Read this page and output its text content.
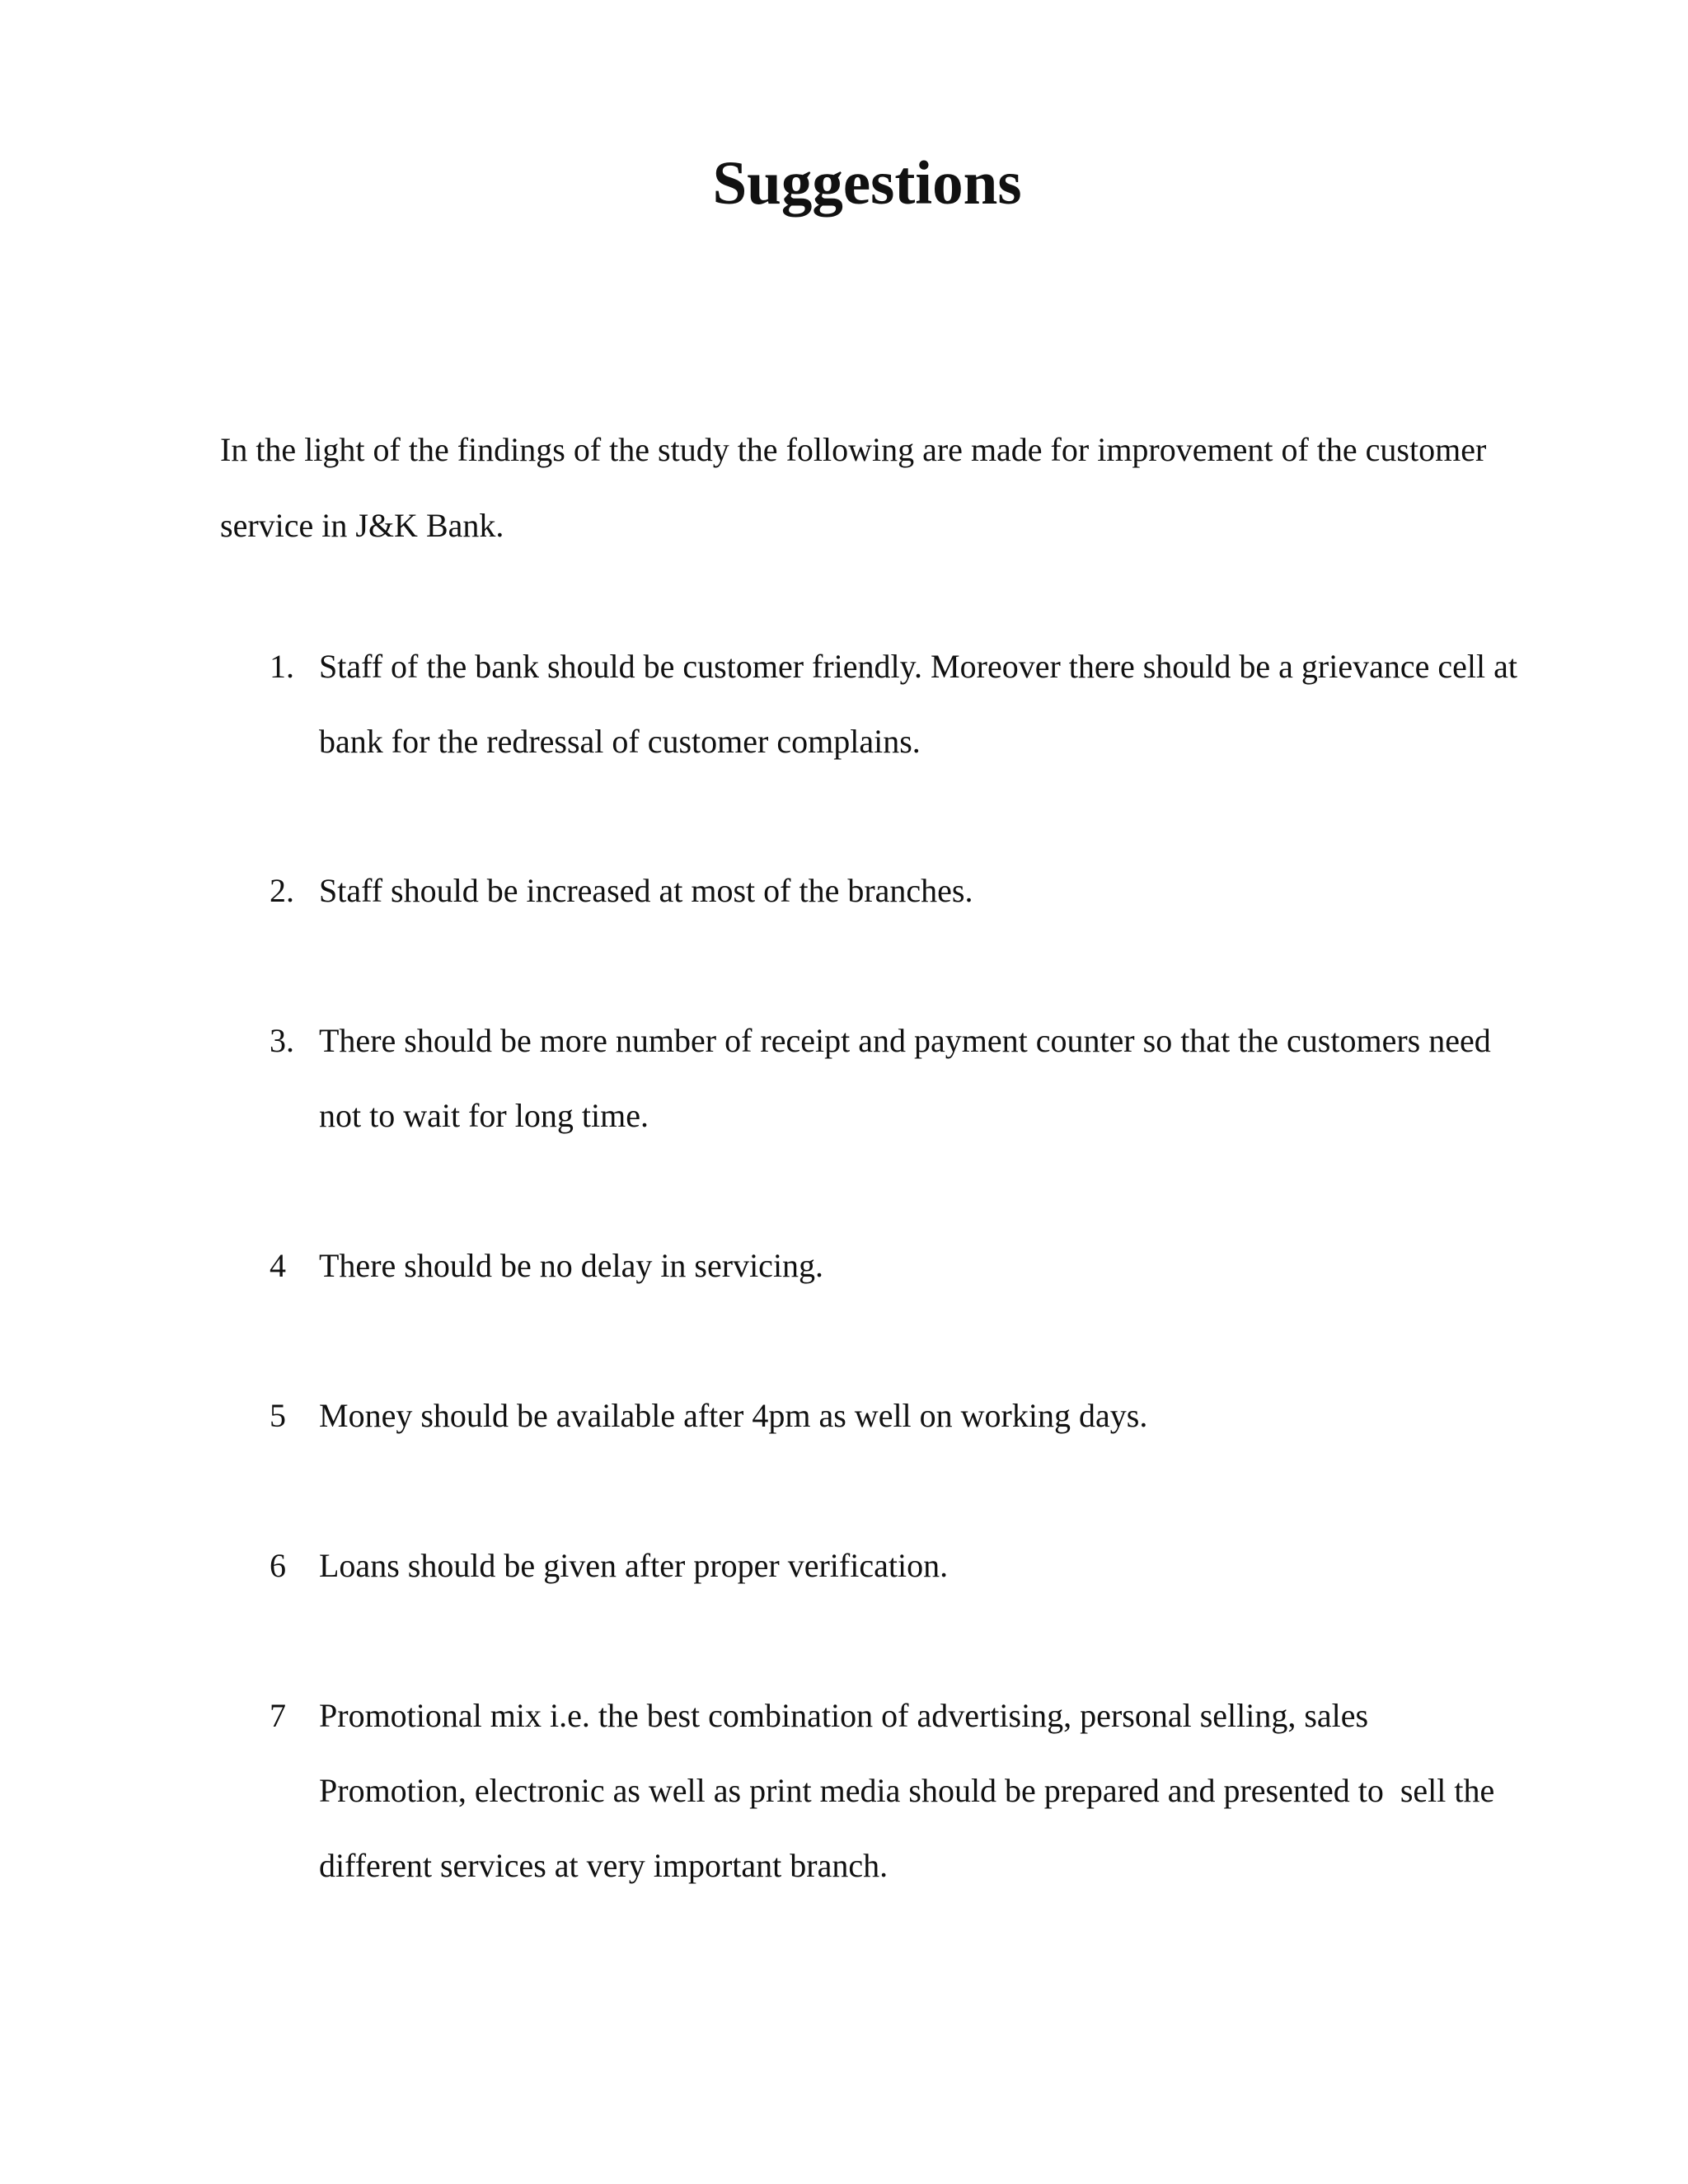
Suggestions

In the light of the findings of the study the following are made for improvement of the customer service in J&K Bank.

1. Staff of the bank should be customer friendly. Moreover there should be a grievance cell at bank for the redressal of customer complains.
2. Staff should be increased at most of the branches.
3. There should be more number of receipt and payment counter so that the customers need not to wait for long time.
4 There should be no delay in servicing.
5 Money should be available after 4pm as well on working days.
6 Loans should be given after proper verification.
7 Promotional mix i.e. the best combination of advertising, personal selling, sales Promotion, electronic as well as print media should be prepared and presented to  sell the different services at very important branch.
